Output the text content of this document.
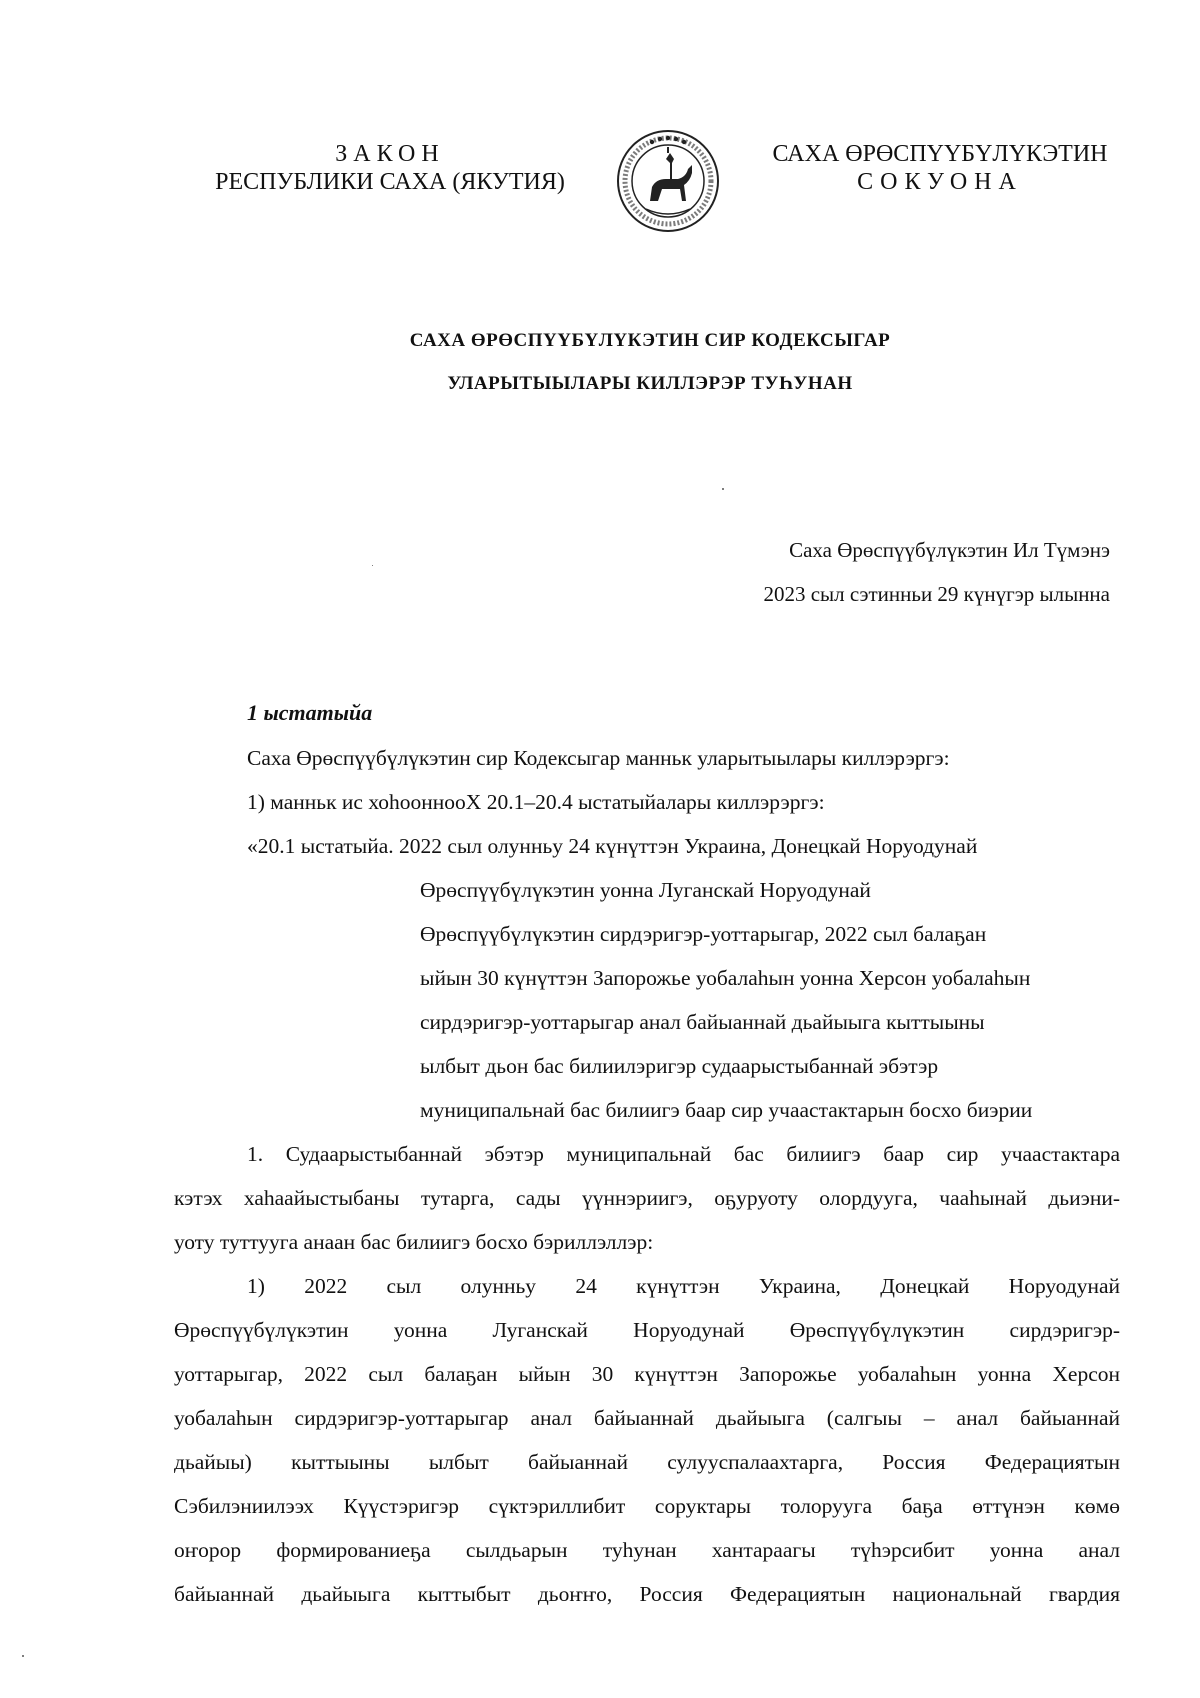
ЗАКОН
РЕСПУБЛИКИ САХА (ЯКУТИЯ)
САХА ӨРӨСПҮҮБҮЛҮКЭТИН
СОКУОНА
САХА ӨРӨСПҮҮБҮЛҮКЭТИН СИР КОДЕКСЫГАР
УЛАРЫТЫЫЛАРЫ КИЛЛЭРЭР ТУҺУНАН
Саха Өрөспүүбүлүкэтин Ил Түмэнэ
2023 сыл сэтинньи 29 күнүгэр ылынна
1 ыстатыйа
Саха Өрөспүүбүлүкэтин сир Кодексыгар манньк уларытыылары киллэрэргэ:
1) манньк ис хоһооннооХ 20.1–20.4 ыстатыйалары киллэрэргэ:
«20.1 ыстатыйа. 2022 сыл олунньу 24 күнүттэн Украина, Донецкай Норуодунай
Өрөспүүбүлүкэтин уонна Луганскай Норуодунай
Өрөспүүбүлүкэтин сирдэригэр-уоттарыгар, 2022 сыл балаҕан
ыйын 30 күнүттэн Запорожье уобалаһын уонна Херсон уобалаһын
сирдэригэр-уоттарыгар анал байыаннай дьайыыга кыттыыны
ылбыт дьон бас билиилэригэр судаарыстыбаннай эбэтэр
муниципальнай бас билиигэ баар сир учаастактарын босхо биэрии
1. Судаарыстыбаннай эбэтэр муниципальнай бас билиигэ баар сир учаастактара
кэтэх хаһаайыстыбаны тутарга, сады үүннэриигэ, оҕуруоту олордууга, чааһынай дьиэни-
уоту туттууга анаан бас билиигэ босхо бэриллэллэр:
1) 2022 сыл олунньу 24 күнүттэн Украина, Донецкай Норуодунай
Өрөспүүбүлүкэтин уонна Луганскай Норуодунай Өрөспүүбүлүкэтин сирдэригэр-
уоттарыгар, 2022 сыл балаҕан ыйын 30 күнүттэн Запорожье уобалаһын уонна Херсон
уобалаһын сирдэригэр-уоттарыгар анал байыаннай дьайыыга (салгыы – анал байыаннай
дьайыы) кыттыыны ылбыт байыаннай сулууспалаахтарга, Россия Федерациятын
Сэбилэниилээх Күүстэригэр сүктэриллибит соруктары толорууга баҕа өттүнэн көмө
оҥорор формированиеҕа сылдьарын туһунан хантараагы түһэрсибит уонна анал
байыаннай дьайыыга кыттыбыт дьоҥҥо, Россия Федерациятын национальнай гвардия
